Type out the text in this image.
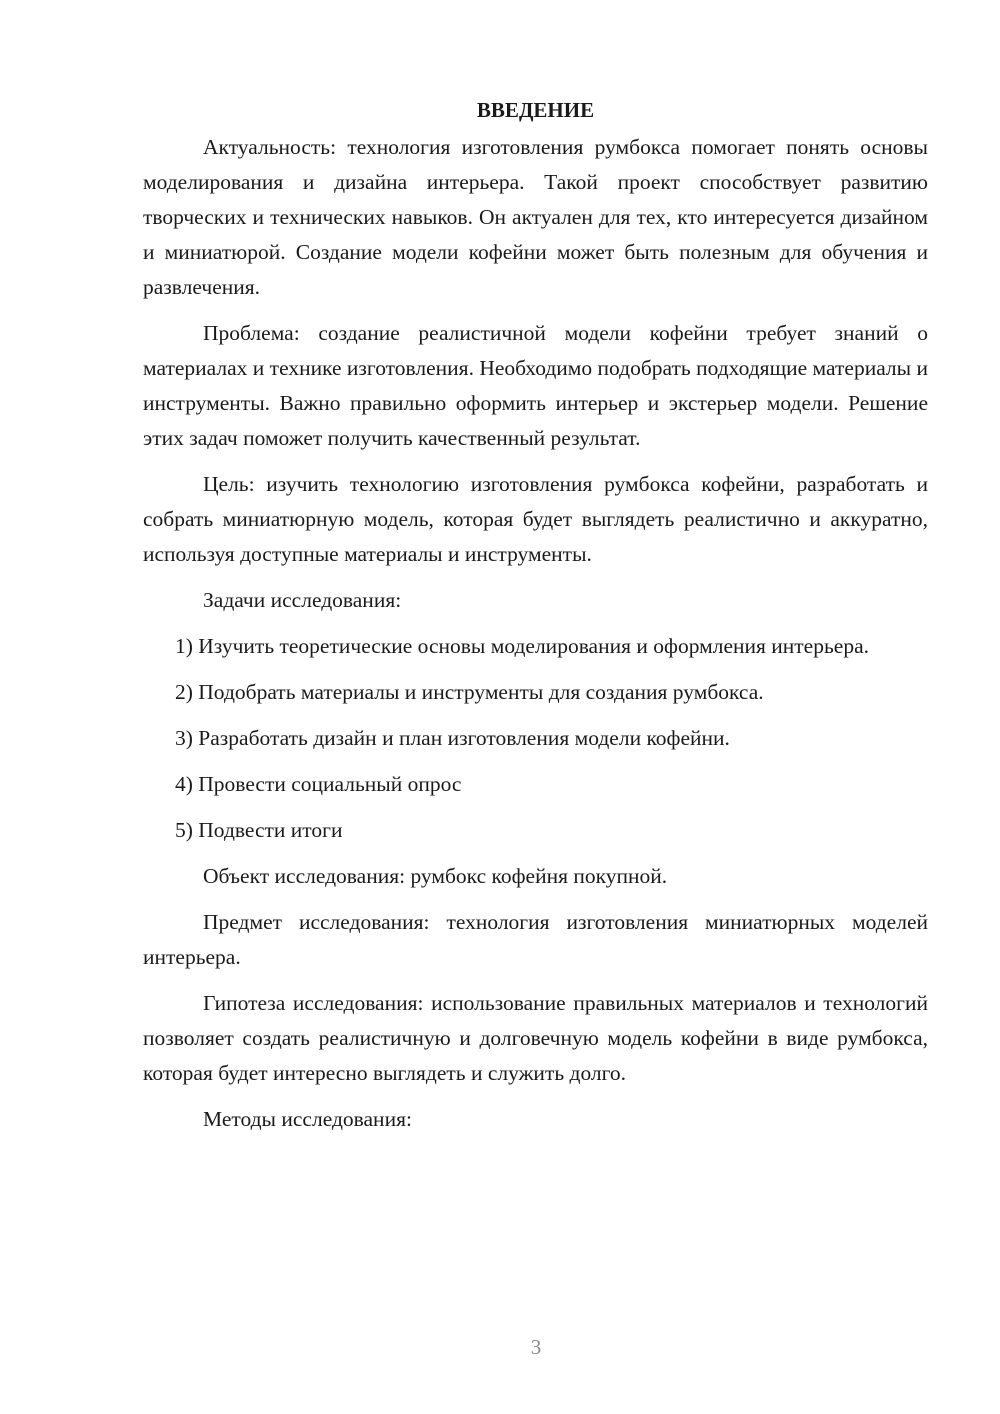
ВВЕДЕНИЕ

Актуальность: технология изготовления румбокса помогает понять основы моделирования и дизайна интерьера. Такой проект способствует развитию творческих и технических навыков. Он актуален для тех, кто интересуется дизайном и миниатюрой. Создание модели кофейни может быть полезным для обучения и развлечения.

Проблема: создание реалистичной модели кофейни требует знаний о материалах и технике изготовления. Необходимо подобрать подходящие материалы и инструменты. Важно правильно оформить интерьер и экстерьер модели. Решение этих задач поможет получить качественный результат.

Цель: изучить технологию изготовления румбокса кофейни, разработать и собрать миниатюрную модель, которая будет выглядеть реалистично и аккуратно, используя доступные материалы и инструменты.

Задачи исследования:

1) Изучить теоретические основы моделирования и оформления интерьера.

2) Подобрать материалы и инструменты для создания румбокса.

3) Разработать дизайн и план изготовления модели кофейни.

4) Провести социальный опрос

5) Подвести итоги

Объект исследования: румбокс кофейня покупной.

Предмет исследования: технология изготовления миниатюрных моделей интерьера.

Гипотеза исследования: использование правильных материалов и технологий позволяет создать реалистичную и долговечную модель кофейни в виде румбокса, которая будет интересно выглядеть и служить долго.

Методы исследования:

3
